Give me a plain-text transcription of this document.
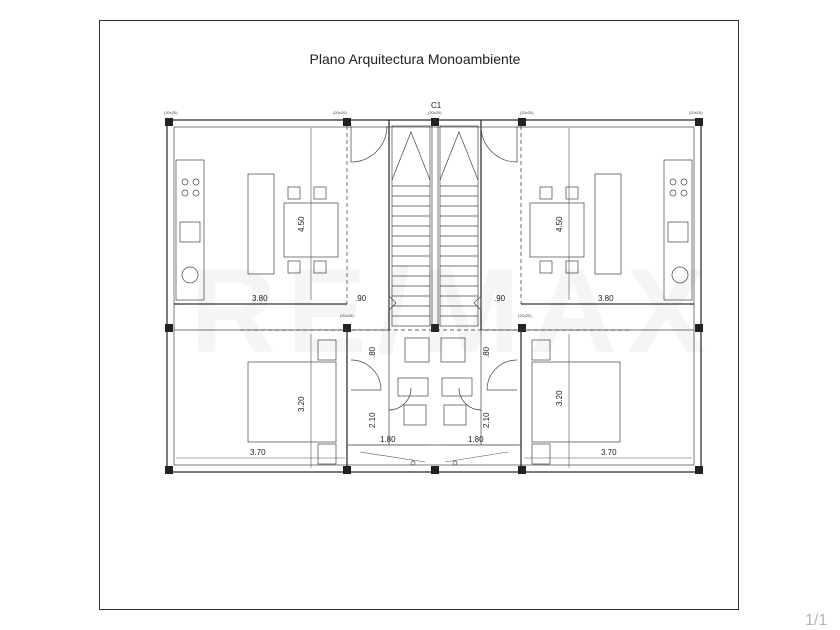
Plano Arquitectura Monoambiente
C1
(20x20)
(20x20)	(20x20)	(20x20)	(20x20)
(20x20)	(20x20)
3.80	3.80
.90	.90
3.70	3.70
1.80	1.80
4.50	4.50
3.20	3.20
.80	.80
2.10	2.10
1/1
